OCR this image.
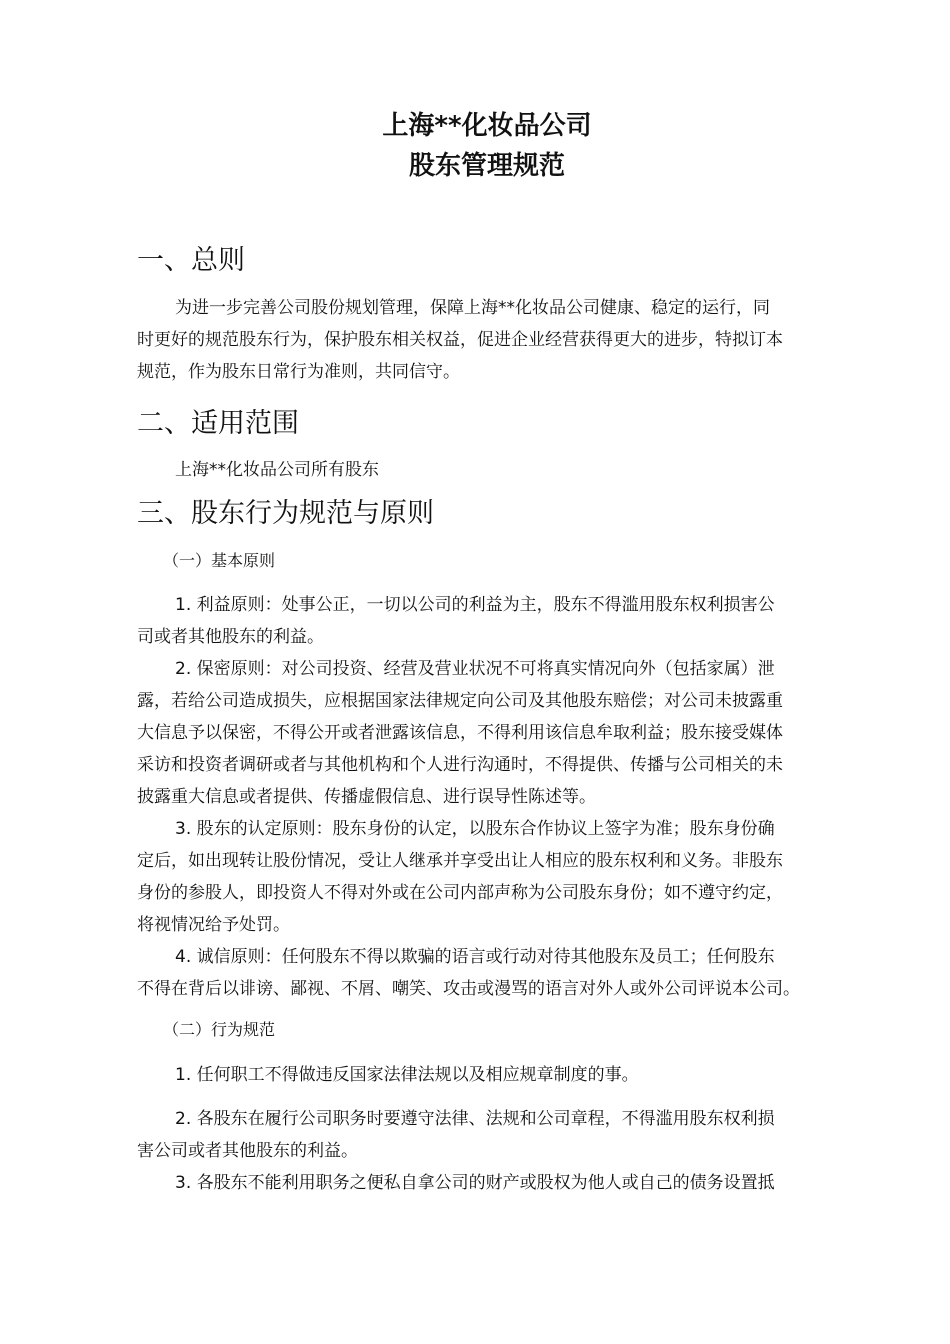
上海**化妆品公司
股东管理规范
一、总则
为进一步完善公司股份规划管理，保障上海**化妆品公司健康、稳定的运行，同
时更好的规范股东行为，保护股东相关权益，促进企业经营获得更大的进步，特拟订本
规范，作为股东日常行为准则，共同信守。
二、适用范围
上海**化妆品公司所有股东
三、股东行为规范与原则
（一）基本原则
1. 利益原则：处事公正，一切以公司的利益为主，股东不得滥用股东权利损害公
司或者其他股东的利益。
2. 保密原则：对公司投资、经营及营业状况不可将真实情况向外（包括家属）泄
露，若给公司造成损失，应根据国家法律规定向公司及其他股东赔偿；对公司未披露重
大信息予以保密，不得公开或者泄露该信息，不得利用该信息牟取利益；股东接受媒体
采访和投资者调研或者与其他机构和个人进行沟通时，不得提供、传播与公司相关的未
披露重大信息或者提供、传播虚假信息、进行误导性陈述等。
3. 股东的认定原则：股东身份的认定，以股东合作协议上签字为准；股东身份确
定后，如出现转让股份情况，受让人继承并享受出让人相应的股东权利和义务。非股东
身份的参股人，即投资人不得对外或在公司内部声称为公司股东身份；如不遵守约定，
将视情况给予处罚。
4. 诚信原则：任何股东不得以欺骗的语言或行动对待其他股东及员工；任何股东
不得在背后以诽谤、鄙视、不屑、嘲笑、攻击或漫骂的语言对外人或外公司评说本公司。
（二）行为规范
1. 任何职工不得做违反国家法律法规以及相应规章制度的事。
2. 各股东在履行公司职务时要遵守法律、法规和公司章程，不得滥用股东权利损
害公司或者其他股东的利益。
3. 各股东不能利用职务之便私自拿公司的财产或股权为他人或自己的债务设置抵
